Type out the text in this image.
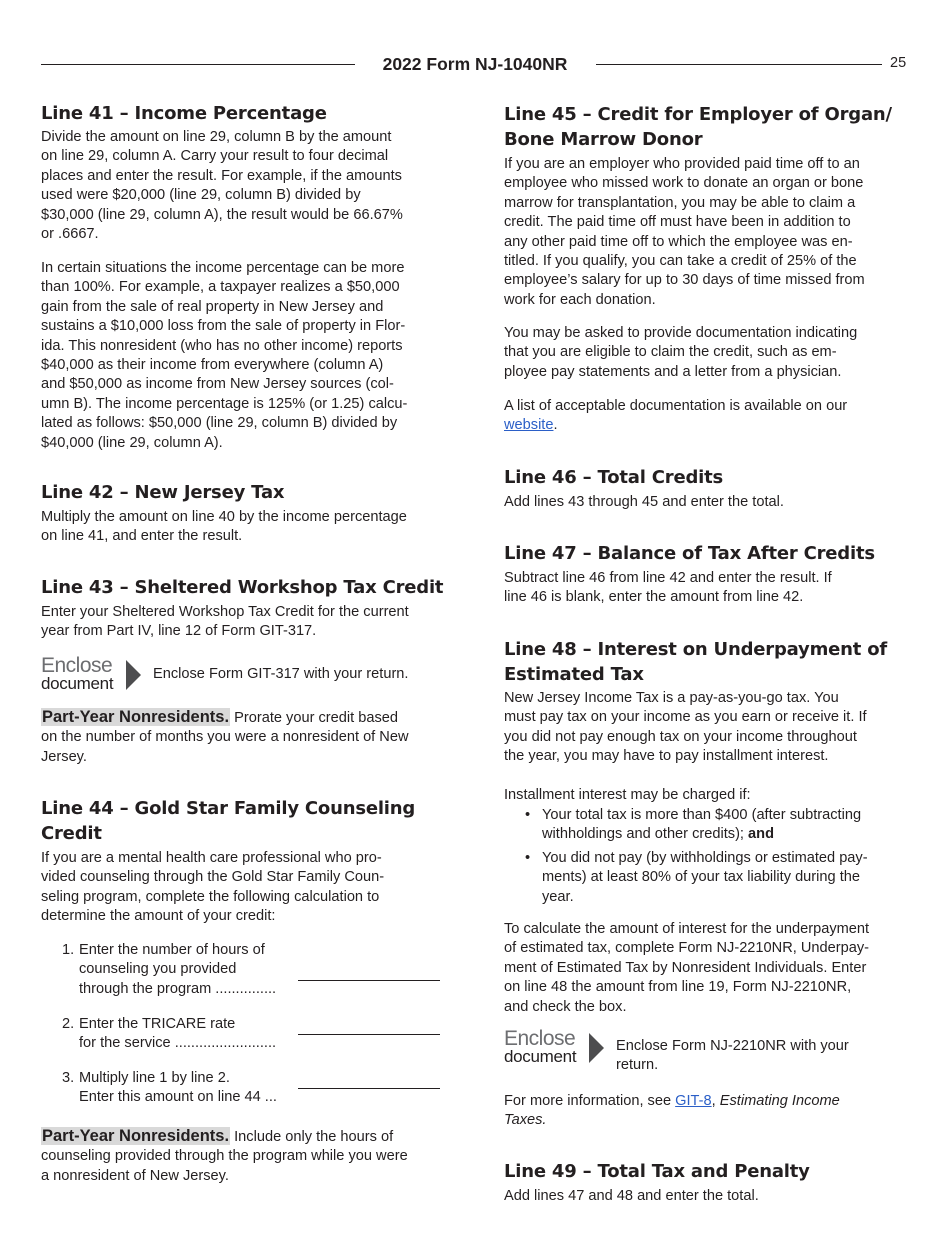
2022 Form NJ-1040NR	25
Line 41 – Income Percentage
Divide the amount on line 29, column B by the amount
on line 29, column A. Carry your result to four decimal
places and enter the result. For example, if the amounts
used were $20,000 (line 29, column B) divided by
$30,000 (line 29, column A), the result would be 66.67%
or .6667.
In certain situations the income percentage can be more
than 100%. For example, a taxpayer realizes a $50,000
gain from the sale of real property in New Jersey and
sustains a $10,000 loss from the sale of property in Flor-
ida. This nonresident (who has no other income) reports
$40,000 as their income from everywhere (column A)
and $50,000 as income from New Jersey sources (col-
umn B). The income percentage is 125% (or 1.25) calcu-
lated as follows: $50,000 (line 29, column B) divided by
$40,000 (line 29, column A).
Line 42 – New Jersey Tax
Multiply the amount on line 40 by the income percentage
on line 41, and enter the result.
Line 43 – Sheltered Workshop Tax Credit
Enter your Sheltered Workshop Tax Credit for the current
year from Part IV, line 12 of Form GIT-317.
Enclose
document	Enclose Form GIT-317 with your return.
Part-Year Nonresidents. Prorate your credit based
on the number of months you were a nonresident of New
Jersey.
Line 44 – Gold Star Family Counseling
Credit
If you are a mental health care professional who pro-
vided counseling through the Gold Star Family Coun-
seling program, complete the following calculation to
determine the amount of your credit:
1. Enter the number of hours of
counseling you provided
through the program ...............
2. Enter the TRICARE rate
for the service .........................
3. Multiply line 1 by line 2.
Enter this amount on line 44 ...
Part-Year Nonresidents. Include only the hours of
counseling provided through the program while you were
a nonresident of New Jersey.
Line 45 – Credit for Employer of Organ/
Bone Marrow Donor
If you are an employer who provided paid time off to an
employee who missed work to donate an organ or bone
marrow for transplantation, you may be able to claim a
credit. The paid time off must have been in addition to
any other paid time off to which the employee was en-
titled. If you qualify, you can take a credit of 25% of the
employee’s salary for up to 30 days of time missed from
work for each donation.
You may be asked to provide documentation indicating
that you are eligible to claim the credit, such as em-
ployee pay statements and a letter from a physician.
A list of acceptable documentation is available on our
website.
Line 46 – Total Credits
Add lines 43 through 45 and enter the total.
Line 47 – Balance of Tax After Credits
Subtract line 46 from line 42 and enter the result. If
line 46 is blank, enter the amount from line 42.
Line 48 – Interest on Underpayment of
Estimated Tax
New Jersey Income Tax is a pay-as-you-go tax. You
must pay tax on your income as you earn or receive it. If
you did not pay enough tax on your income throughout
the year, you may have to pay installment interest.
Installment interest may be charged if:
• Your total tax is more than $400 (after subtracting
withholdings and other credits); and
• You did not pay (by withholdings or estimated pay-
ments) at least 80% of your tax liability during the
year.
To calculate the amount of interest for the underpayment
of estimated tax, complete Form NJ-2210NR, Underpay-
ment of Estimated Tax by Nonresident Individuals. Enter
on line 48 the amount from line 19, Form NJ-2210NR,
and check the box.
Enclose
document
Enclose Form NJ-2210NR with your
return.
For more information, see GIT-8, Estimating Income
Taxes.
Line 49 – Total Tax and Penalty
Add lines 47 and 48 and enter the total.
